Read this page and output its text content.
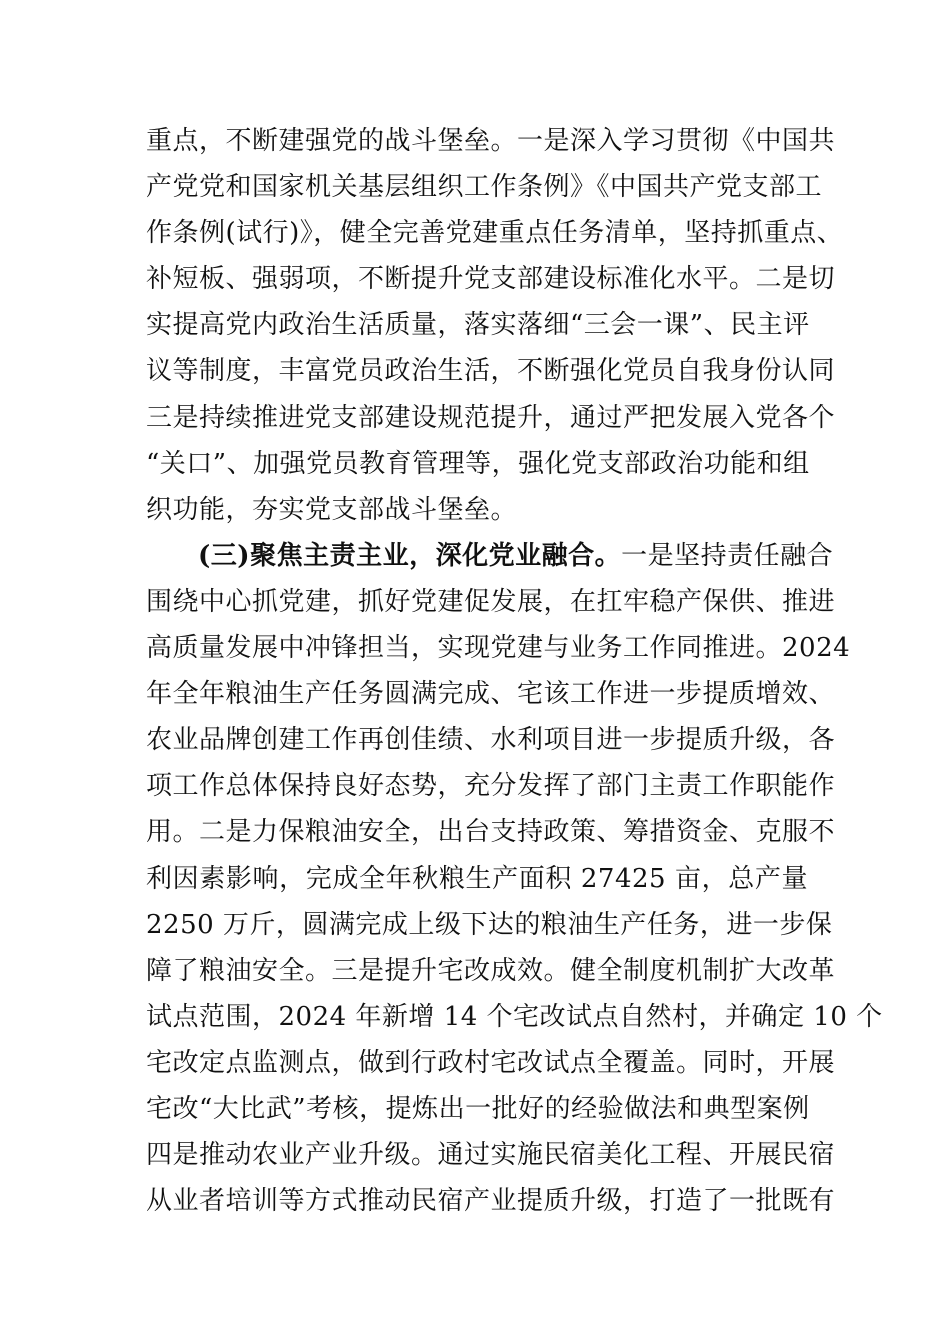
重点，不断建强党的战斗堡垒。一是深入学习贯彻《中国共
产党党和国家机关基层组织工作条例》《中国共产党支部工
作条例(试行)》，健全完善党建重点任务清单，坚持抓重点、
补短板、强弱项，不断提升党支部建设标准化水平。二是切
实提高党内政治生活质量，落实落细“三会一课”、民主评
议等制度，丰富党员政治生活，不断强化党员自我身份认同
三是持续推进党支部建设规范提升，通过严把发展入党各个
“关口”、加强党员教育管理等，强化党支部政治功能和组
织功能，夯实党支部战斗堡垒。
(三)聚焦主责主业，深化党业融合。一是坚持责任融合
围绕中心抓党建，抓好党建促发展，在扛牢稳产保供、推进
高质量发展中冲锋担当，实现党建与业务工作同推进。2024
年全年粮油生产任务圆满完成、宅该工作进一步提质增效、
农业品牌创建工作再创佳绩、水利项目进一步提质升级，各
项工作总体保持良好态势，充分发挥了部门主责工作职能作
用。二是力保粮油安全，出台支持政策、筹措资金、克服不
利因素影响，完成全年秋粮生产面积 27425 亩，总产量
2250 万斤，圆满完成上级下达的粮油生产任务，进一步保
障了粮油安全。三是提升宅改成效。健全制度机制扩大改革
试点范围，2024 年新增 14 个宅改试点自然村，并确定 10 个
宅改定点监测点，做到行政村宅改试点全覆盖。同时，开展
宅改“大比武”考核，提炼出一批好的经验做法和典型案例
四是推动农业产业升级。通过实施民宿美化工程、开展民宿
从业者培训等方式推动民宿产业提质升级，打造了一批既有
